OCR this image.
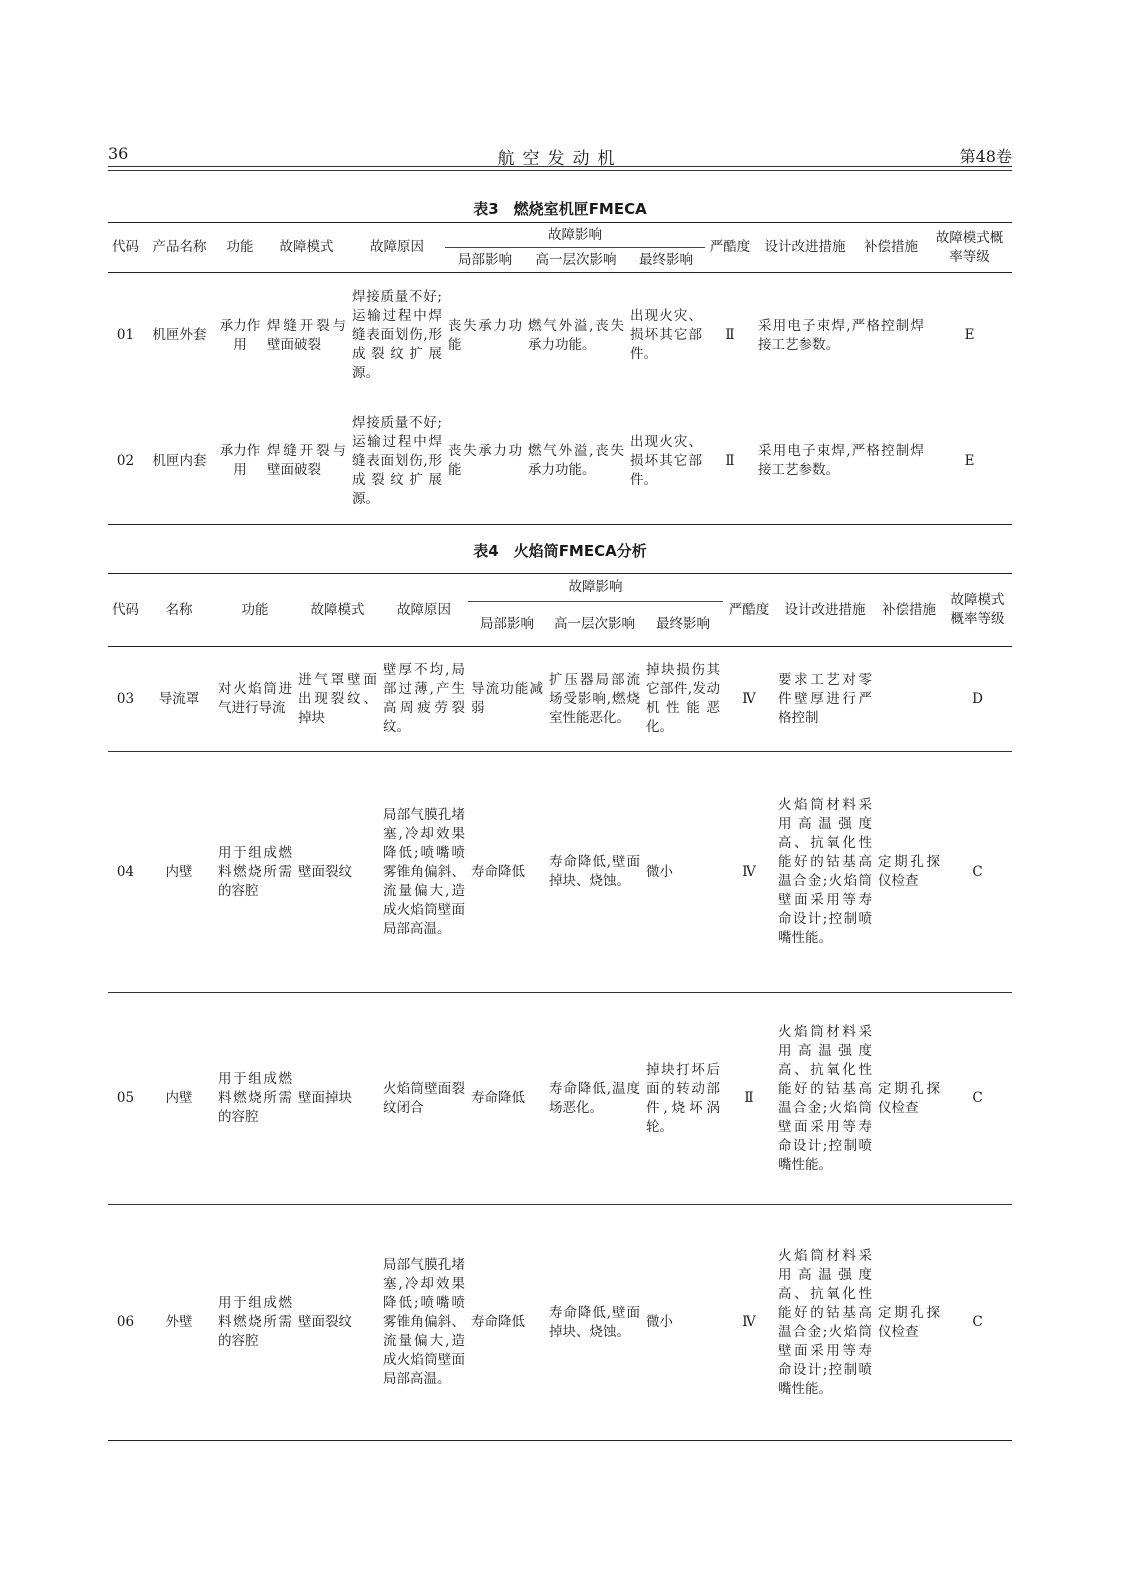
36	航空发动机	第48卷
表3　燃烧室机匣FMECA
代码	产品名称	功能	故障模式	故障原因	故障影响			严酷度	设计改进措施	补偿措施	故障模式概率等级
					局部影响	高一层次影响	最终影响				
01	机匣外套	承力作用	焊缝开裂与壁面破裂	焊接质量不好;运输过程中焊缝表面划伤,形成裂纹扩展源。	丧失承力功能	燃气外溢,丧失承力功能。	出现火灾、损坏其它部件。	Ⅱ	采用电子束焊,严格控制焊接工艺参数。		E
02	机匣内套	承力作用	焊缝开裂与壁面破裂	焊接质量不好;运输过程中焊缝表面划伤,形成裂纹扩展源。	丧失承力功能	燃气外溢,丧失承力功能。	出现火灾、损坏其它部件。	Ⅱ	采用电子束焊,严格控制焊接工艺参数。		E
表4　火焰筒FMECA分析
代码	名称	功能	故障模式	故障原因	故障影响			严酷度	设计改进措施	补偿措施	故障模式概率等级
					局部影响	高一层次影响	最终影响				
03	导流罩	对火焰筒进气进行导流	进气罩壁面出现裂纹、掉块	壁厚不均,局部过薄,产生高周疲劳裂纹。	导流功能减弱	扩压器局部流场受影响,燃烧室性能恶化。	掉块损伤其它部件,发动机性能恶化。	Ⅳ	要求工艺对零件壁厚进行严格控制		D
04	内壁	用于组成燃料燃烧所需的容腔	壁面裂纹	局部气膜孔堵塞,冷却效果降低;喷嘴喷雾锥角偏斜、流量偏大,造成火焰筒壁面局部高温。	寿命降低	寿命降低,壁面掉块、烧蚀。	微小	Ⅳ	火焰筒材料采用高温强度高、抗氧化性能好的钴基高温合金;火焰筒壁面采用等寿命设计;控制喷嘴性能。	定期孔探仪检查	C
05	内壁	用于组成燃料燃烧所需的容腔	壁面掉块	火焰筒壁面裂纹闭合	寿命降低	寿命降低,温度场恶化。	掉块打坏后面的转动部件,烧坏涡轮。	Ⅱ	火焰筒材料采用高温强度高、抗氧化性能好的钴基高温合金;火焰筒壁面采用等寿命设计;控制喷嘴性能。	定期孔探仪检查	C
06	外壁	用于组成燃料燃烧所需的容腔	壁面裂纹	局部气膜孔堵塞,冷却效果降低;喷嘴喷雾锥角偏斜、流量偏大,造成火焰筒壁面局部高温。	寿命降低	寿命降低,壁面掉块、烧蚀。	微小	Ⅳ	火焰筒材料采用高温强度高、抗氧化性能好的钴基高温合金;火焰筒壁面采用等寿命设计;控制喷嘴性能。	定期孔探仪检查	C
